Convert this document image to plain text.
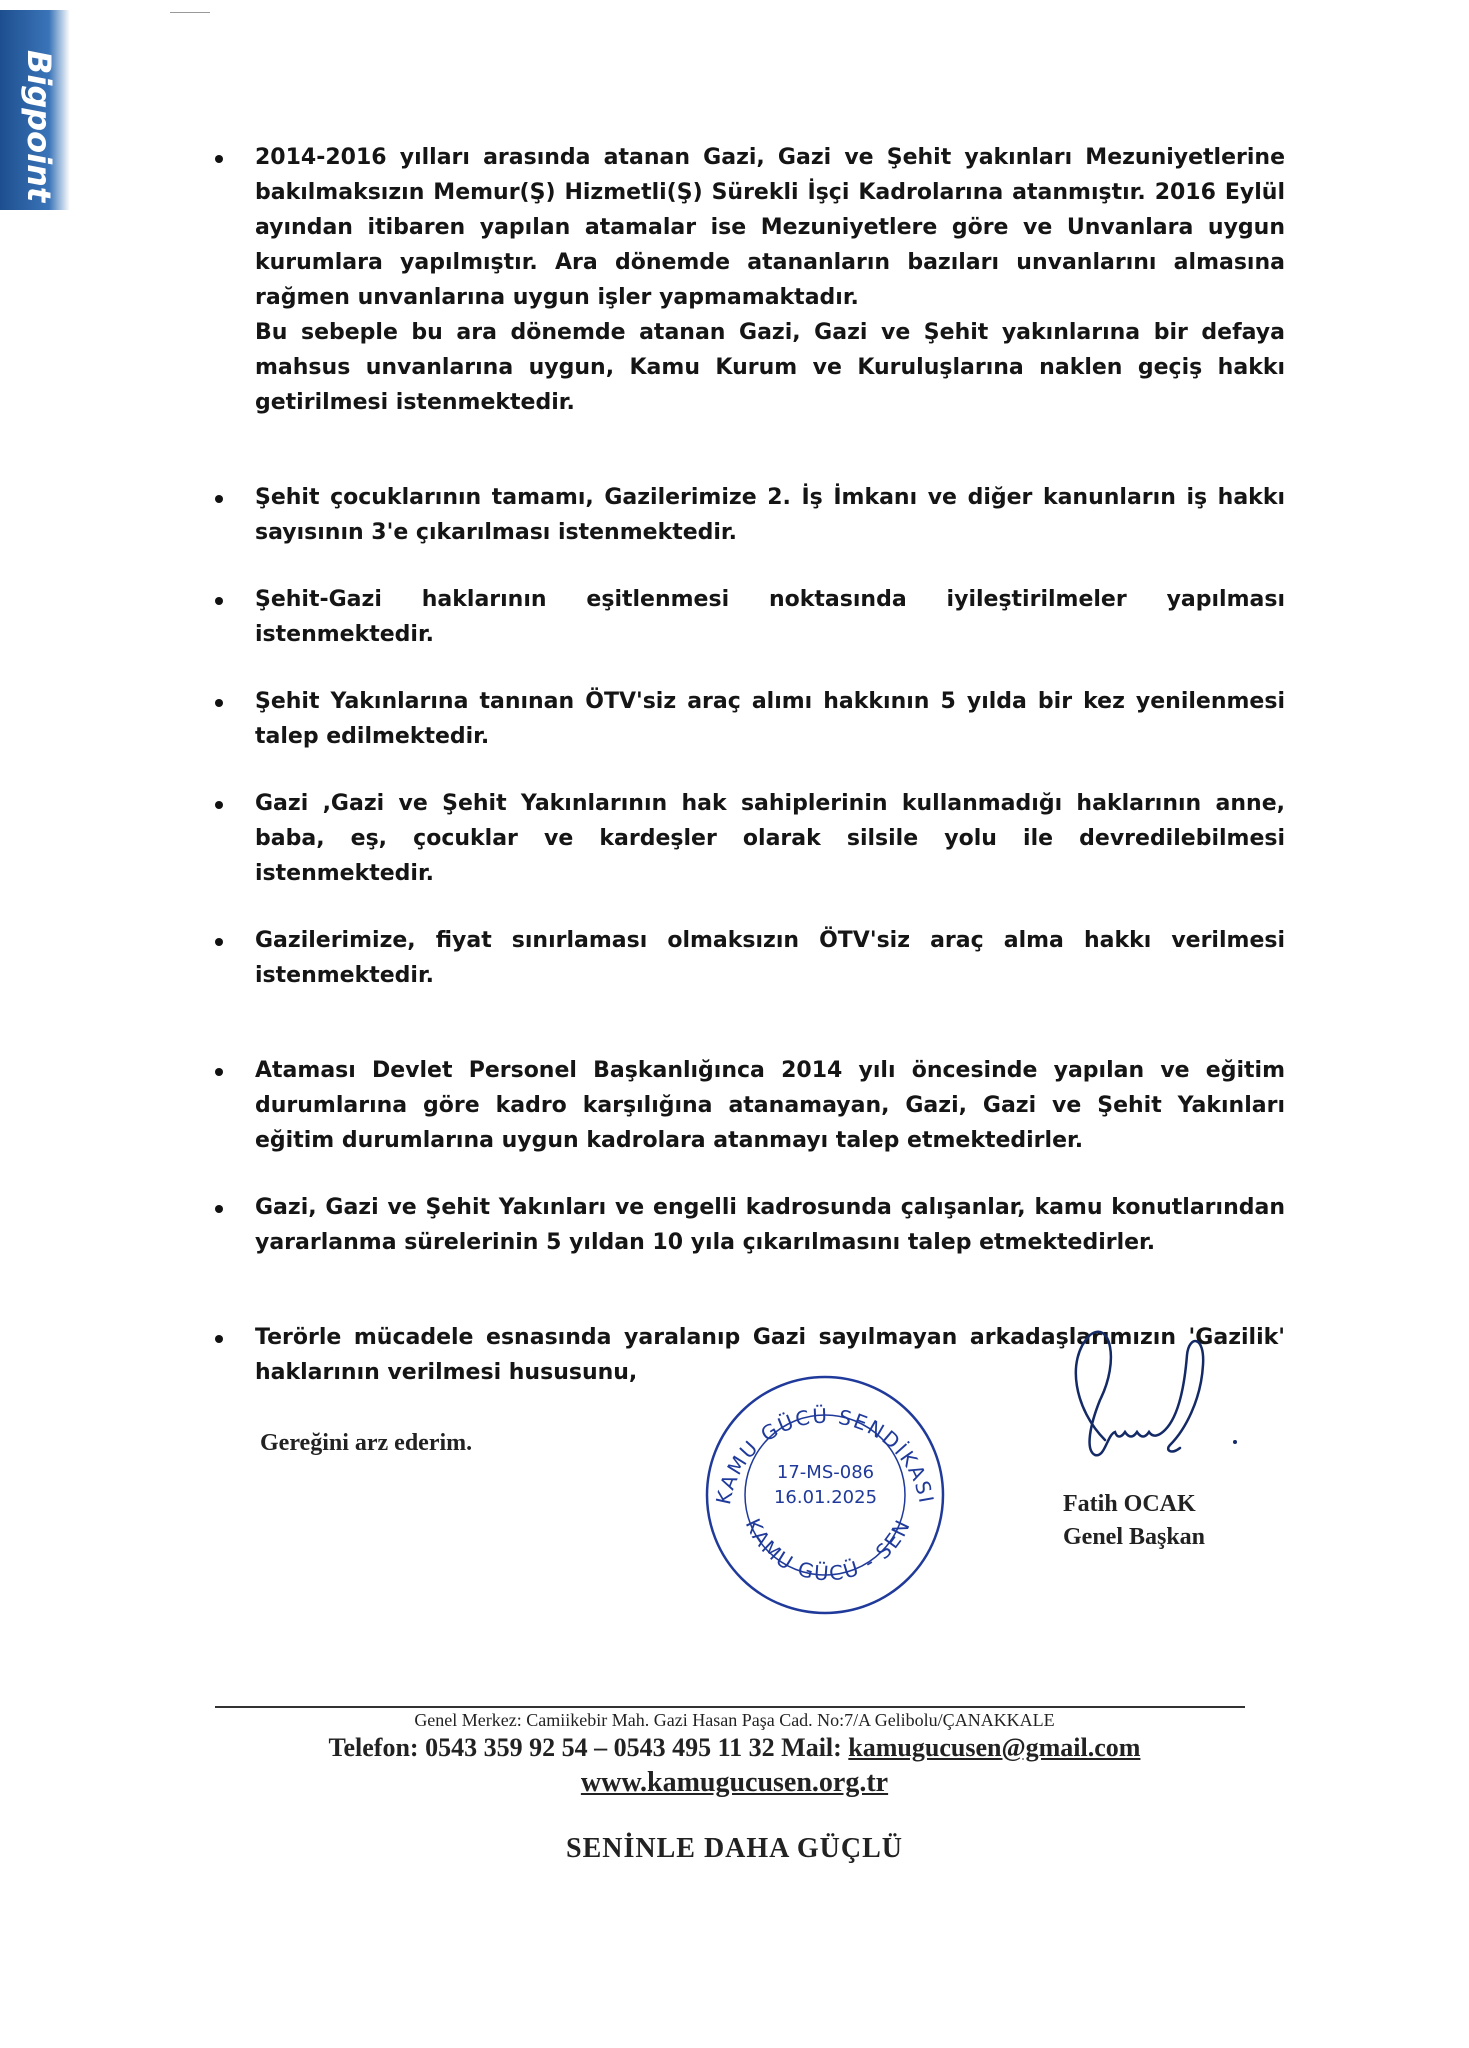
Bigpoint	2014-2016 yılları arasında atanan Gazi, Gazi ve Şehit yakınları Mezuniyetlerine bakılmaksızın Memur(Ş) Hizmetli(Ş) Sürekli İşçi Kadrolarına atanmıştır. 2016 Eylül ayından itibaren yapılan atamalar ise Mezuniyetlere göre ve Unvanlara uygun kurumlara yapılmıştır. Ara dönemde atananların bazıları unvanlarını almasına rağmen unvanlarına uygun işler yapmamaktadır.

Bu sebeple bu ara dönemde atanan Gazi, Gazi ve Şehit yakınlarına bir defaya mahsus unvanlarına uygun, Kamu Kurum ve Kuruluşlarına naklen geçiş hakkı getirilmesi istenmektedir.

Şehit çocuklarının tamamı, Gazilerimize 2. İş İmkanı ve diğer kanunların iş hakkı sayısının 3'e çıkarılması istenmektedir.

Şehit-Gazi haklarının eşitlenmesi noktasında iyileştirilmeler yapılması istenmektedir.

Şehit Yakınlarına tanınan ÖTV'siz araç alımı hakkının 5 yılda bir kez yenilenmesi talep edilmektedir.

Gazi ,Gazi ve Şehit Yakınlarının hak sahiplerinin kullanmadığı haklarının anne, baba, eş, çocuklar ve kardeşler olarak silsile yolu ile devredilebilmesi istenmektedir.

Gazilerimize, fiyat sınırlaması olmaksızın ÖTV'siz araç alma hakkı verilmesi istenmektedir.

Ataması Devlet Personel Başkanlığınca 2014 yılı öncesinde yapılan ve eğitim durumlarına göre kadro karşılığına atanamayan, Gazi, Gazi ve Şehit Yakınları eğitim durumlarına uygun kadrolara atanmayı talep etmektedirler.

Gazi, Gazi ve Şehit Yakınları ve engelli kadrosunda çalışanlar, kamu konutlarından yararlanma sürelerinin 5 yıldan 10 yıla çıkarılmasını talep etmektedirler.

Terörle mücadele esnasında yaralanıp Gazi sayılmayan arkadaşlarımızın 'Gazilik' haklarının verilmesi hususunu,

Gereğini arz ederim.
KAMU GÜCÜ SENDİKASI
KAMU GÜCÜ - SEN
17-MS-086
16.01.2025	Fatih OCAK
Genel Başkan
Genel Merkez: Camiikebir Mah. Gazi Hasan Paşa Cad. No:7/A Gelibolu/ÇANAKKALE
Telefon: 0543 359 92 54 – 0543 495 11 32 Mail: kamugucusen@gmail.com
www.kamugucusen.org.tr
SENİNLE DAHA GÜÇLÜ
